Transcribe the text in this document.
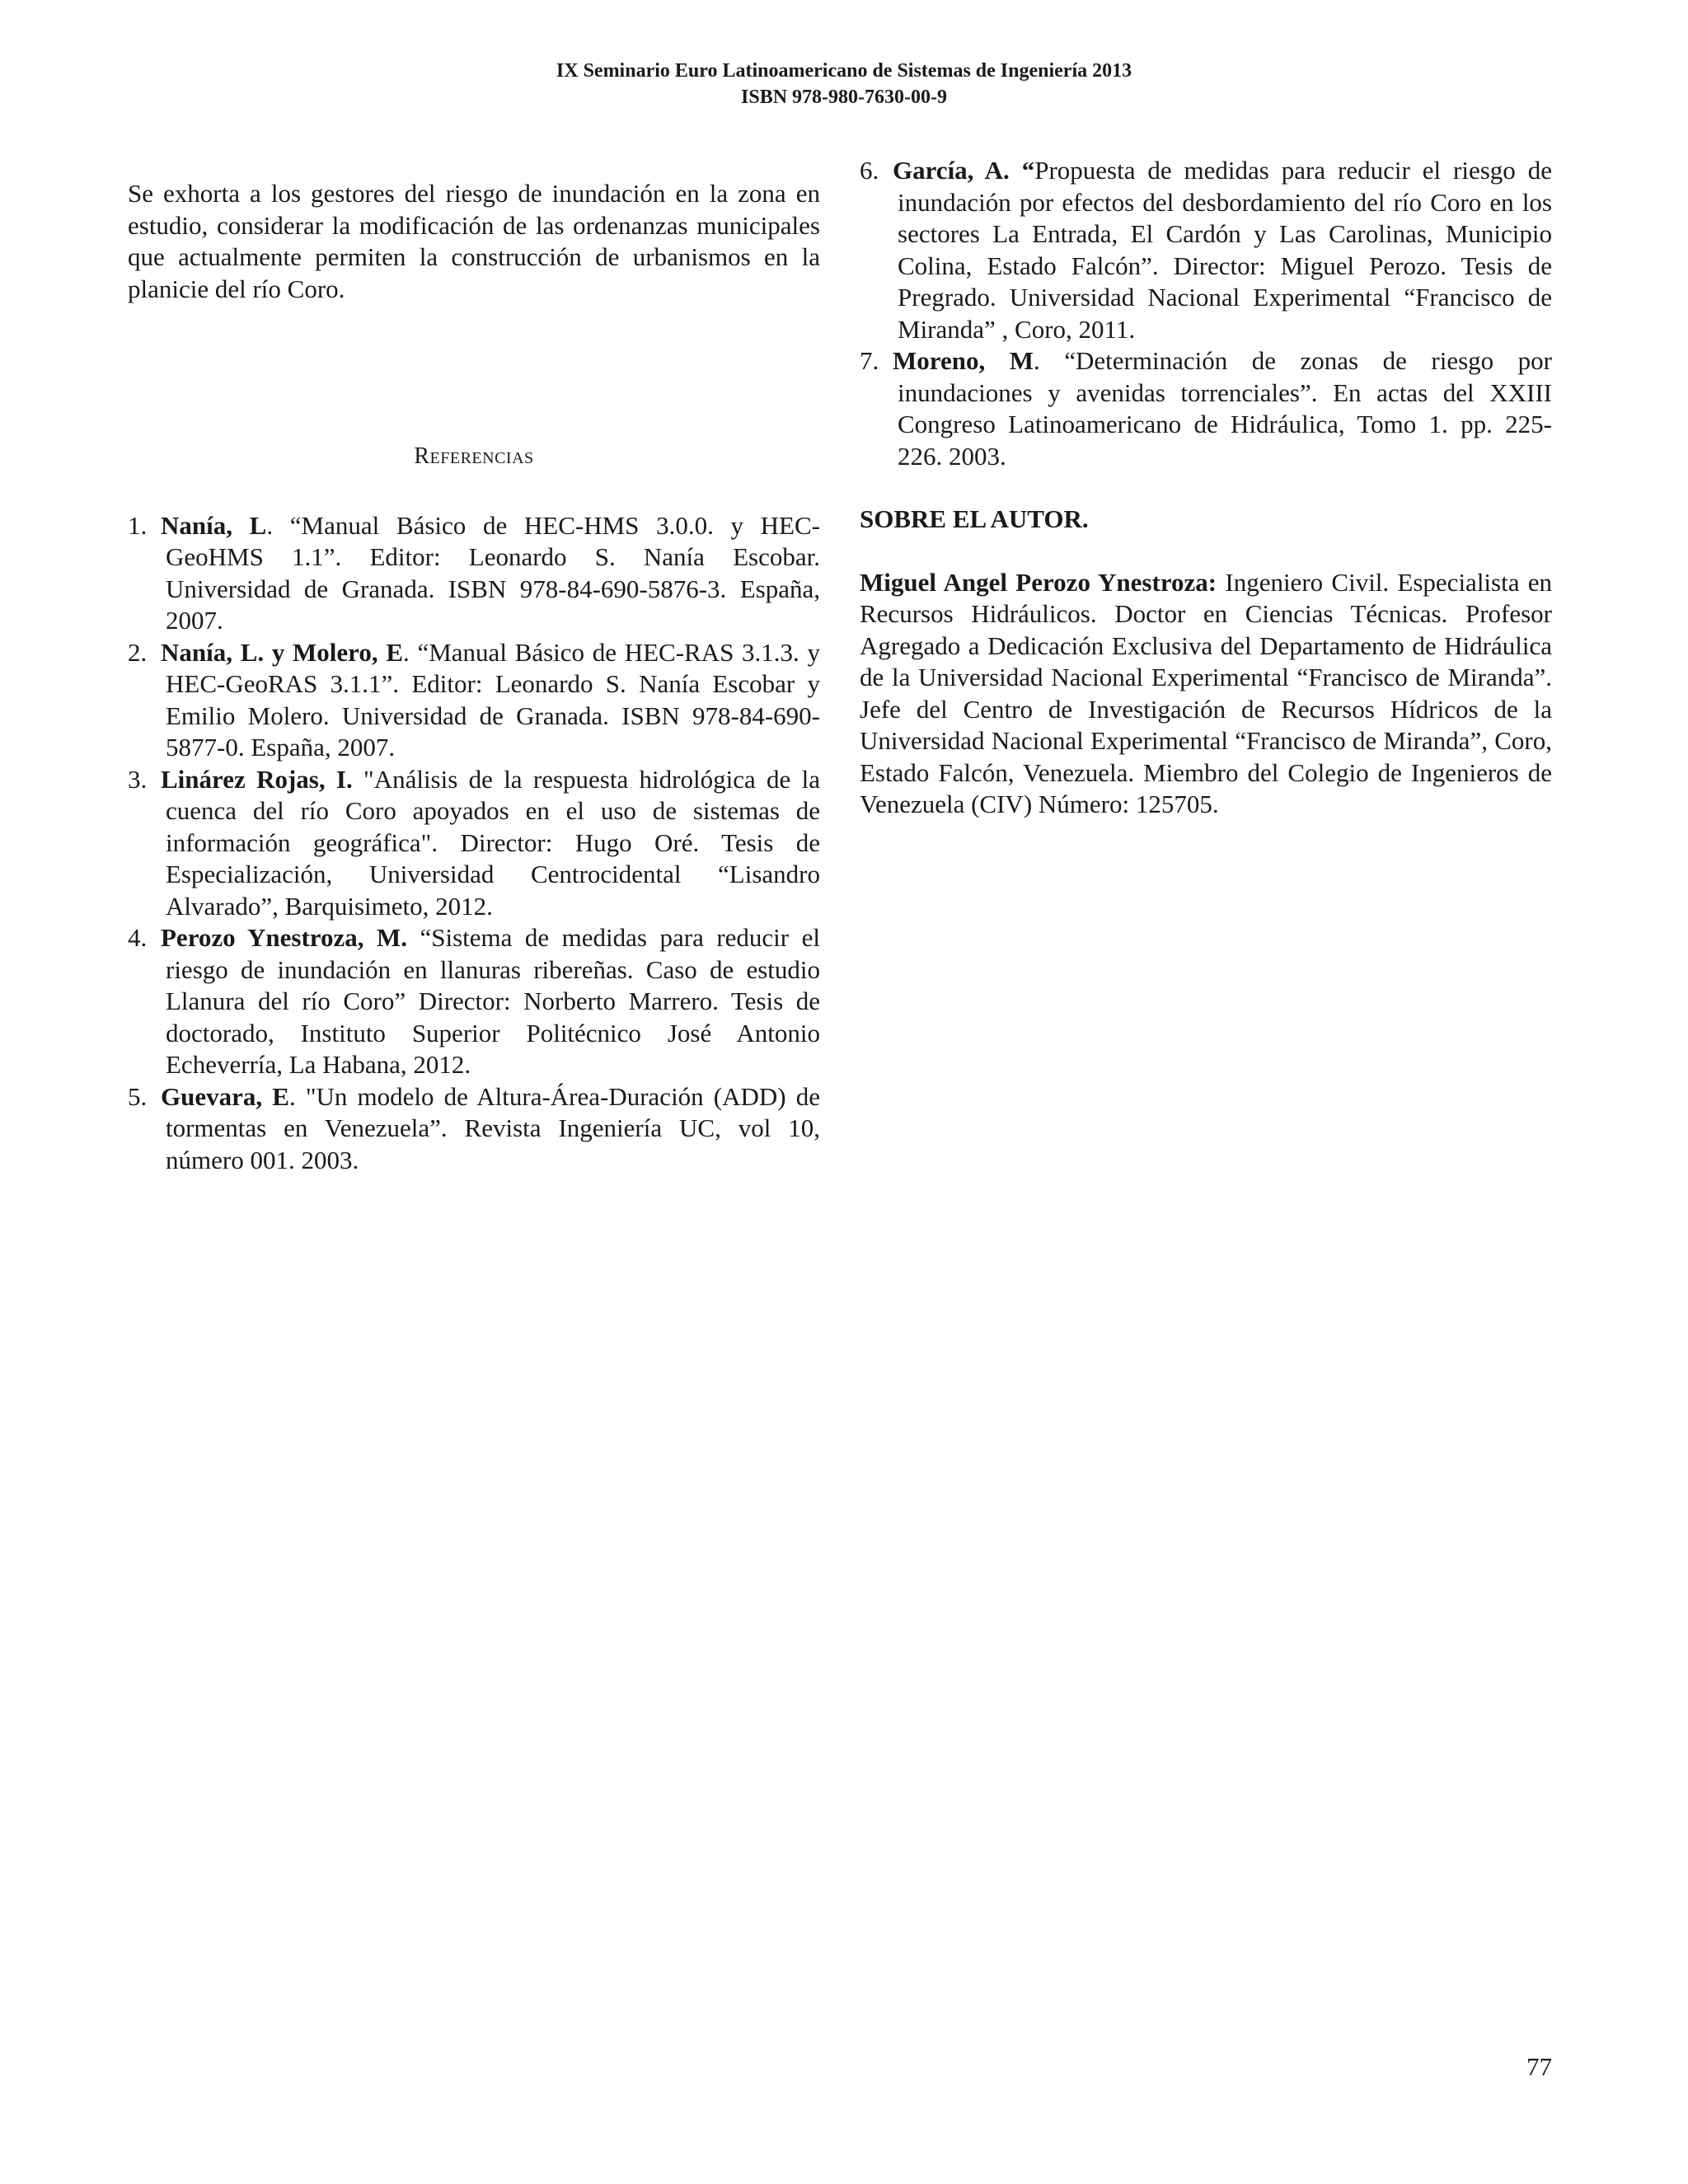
IX Seminario Euro Latinoamericano de Sistemas de Ingeniería 2013
ISBN 978-980-7630-00-9

Se exhorta a los gestores del riesgo de inundación en la zona en estudio, considerar la modificación de las ordenanzas municipales que actualmente permiten la construcción de urbanismos en la planicie del río Coro.

Referencias

1. Nanía, L. “Manual Básico de HEC-HMS 3.0.0. y HEC-GeoHMS 1.1”. Editor: Leonardo S. Nanía Escobar. Universidad de Granada. ISBN 978-84-690-5876-3. España, 2007.
2. Nanía, L. y Molero, E. “Manual Básico de HEC-RAS 3.1.3. y HEC-GeoRAS 3.1.1”. Editor: Leonardo S. Nanía Escobar y Emilio Molero. Universidad de Granada. ISBN 978-84-690-5877-0. España, 2007.
3. Linárez Rojas, I. "Análisis de la respuesta hidrológica de la cuenca del río Coro apoyados en el uso de sistemas de información geográfica". Director: Hugo Oré. Tesis de Especialización, Universidad Centrocidental “Lisandro Alvarado”, Barquisimeto, 2012.
4. Perozo Ynestroza, M. “Sistema de medidas para reducir el riesgo de inundación en llanuras ribereñas. Caso de estudio Llanura del río Coro” Director: Norberto Marrero. Tesis de doctorado, Instituto Superior Politécnico José Antonio Echeverría, La Habana, 2012.
5. Guevara, E. "Un modelo de Altura-Área-Duración (ADD) de tormentas en Venezuela”. Revista Ingeniería UC, vol 10, número 001. 2003.
6. García, A. “Propuesta de medidas para reducir el riesgo de inundación por efectos del desbordamiento del río Coro en los sectores La Entrada, El Cardón y Las Carolinas, Municipio Colina, Estado Falcón”. Director: Miguel Perozo. Tesis de Pregrado. Universidad Nacional Experimental “Francisco de Miranda” , Coro, 2011.
7. Moreno, M. “Determinación de zonas de riesgo por inundaciones y avenidas torrenciales”. En actas del XXIII Congreso Latinoamericano de Hidráulica, Tomo 1. pp. 225-226. 2003.

SOBRE EL AUTOR.

Miguel Angel Perozo Ynestroza: Ingeniero Civil. Especialista en Recursos Hidráulicos. Doctor en Ciencias Técnicas. Profesor Agregado a Dedicación Exclusiva del Departamento de Hidráulica de la Universidad Nacional Experimental “Francisco de Miranda”. Jefe del Centro de Investigación de Recursos Hídricos de la Universidad Nacional Experimental “Francisco de Miranda”, Coro, Estado Falcón, Venezuela. Miembro del Colegio de Ingenieros de Venezuela (CIV) Número: 125705.

77
